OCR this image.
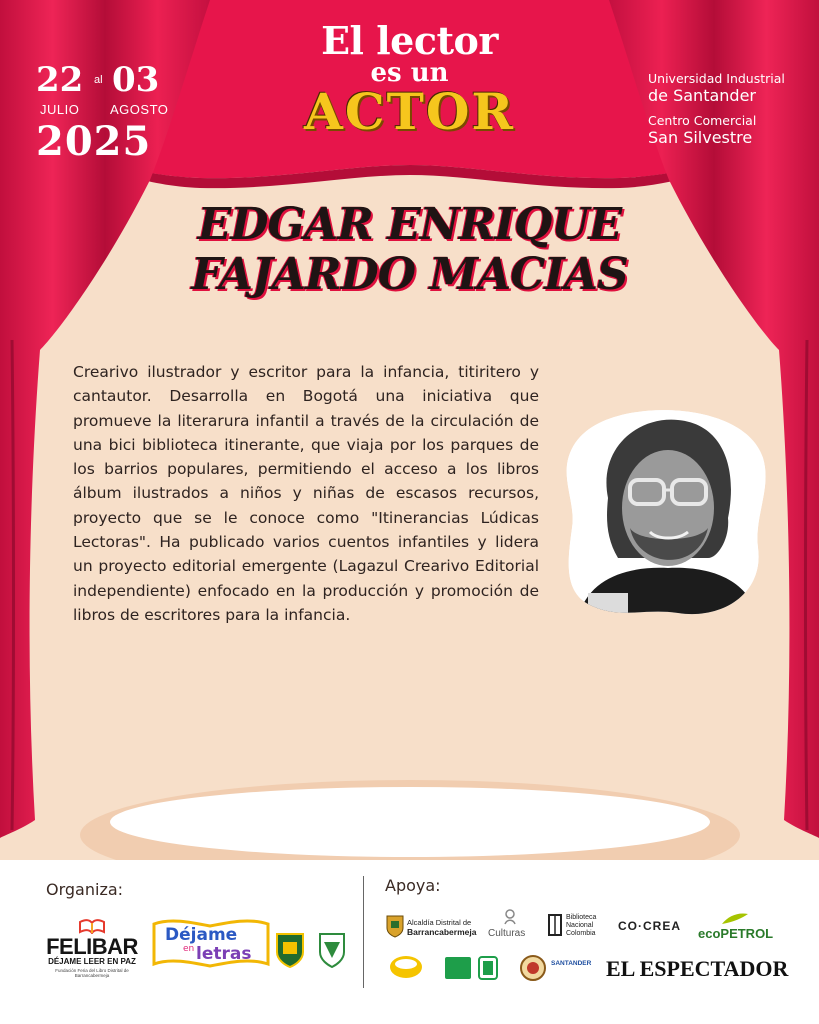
El lector
es un
ACTOR
22 al 03
JULIO AGOSTO
2025
Universidad Industrial
de Santander
Centro Comercial
San Silvestre
EDGAR ENRIQUE
FAJARDO MACIAS
Crearivo ilustrador y escritor para la infancia, titiritero y cantautor. Desarrolla en Bogotá una iniciativa que promueve la literarura infantil a través de la circulación de una bici biblioteca itinerante, que viaja por los parques de los barrios populares, permitiendo el acceso a los libros álbum ilustrados a niños y niñas de escasos recursos, proyecto que se le conoce como "Itinerancias Lúdicas Lectoras". Ha publicado varios cuentos infantiles y lidera un proyecto editorial emergente (Lagazul Crearivo Editorial independiente) enfocado en la producción y promoción de libros de escritores para la infancia.
Organiza:	Apoya:
FELIBAR
DÉJAME LEER EN PAZ
Fundación Feria del Libro Distrital de Barrancabermeja
Déjame
en letras
Alcaldía Distrital de
Barrancabermeja Culturas
Biblioteca
Nacional
Colombia
CO·CREA ecoPETROL
SANTANDER EL ESPECTADOR
